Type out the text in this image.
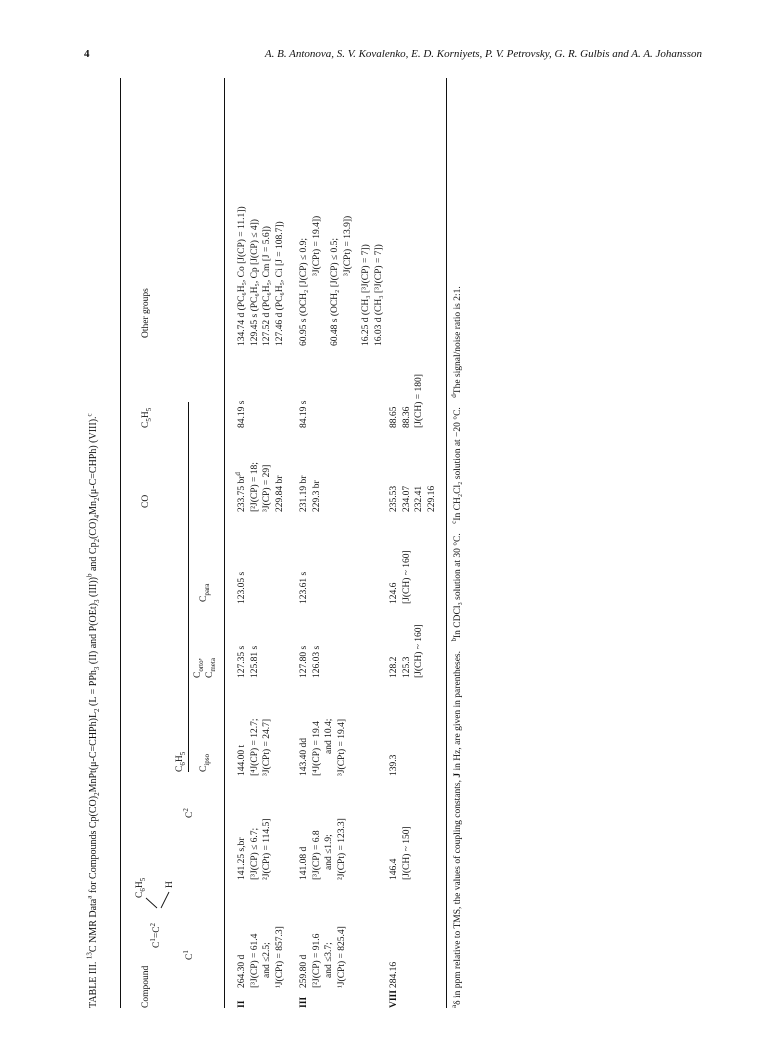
4	A. B. Antonova, S. V. Kovalenko, E. D. Korniyets, P. V. Petrovsky, G. R. Gulbis and A. A. Johansson
TABLE III. $^{13}$C NMR Data$^a$ for Compounds $Cp(CO)_2MnPt(\mu-C=CHPh)L_2$ (L = PPh$_3$ (II) and $P(OEt)_3$ (III))$^b$ and $Cp_2(CO)_4Mn_2(\mu-C=CHPh)$ (VIII).$^c$
Compound
$C^1=C^2$
$C_6H_5$
H
$C^1$
$C^2$
$C_6H_5$
$C_{ipso}$
$C_{orto}$,
$C_{meta}$
$C_{para}$
CO
$C_5H_5$
Other groups
II
264.30 d [³J(CP) = 61.4 and ≤2.5; ¹J(CPt) = 857.3]
141.25 s,br [³J(CP) ≤ 6.7; ²J(CPt) = 114.5]
144.00 t [⁴J(CP) = 12.7; ³J(CPt) = 24.7]
127.35 s 125.81 s
123.05 s
233.75 $br^d$ [²J(CP) = 18; ³J(CP) = 29] 229.84 br
84.19 s
134.74 d (PC₆H₅, Co [J(CP) = 11.1]) 129.45 s (PC₆H₅, Cp [J(CP) ≤ 4]) 127.52 d (PC₆H₅, Cm [J = 5.6]) 127.46 d (PC₆H₅, Ci [J = 108.7])
III
259.80 d [²J(CP) = 91.6 and ≤3.7; ¹J(CPt) = 825.4]
141.08 d [³J(CP) = 6.8 and ≤1.9; ²J(CPt) = 123.3]
143.40 dd [⁴J(CP) = 19.4 and 10.4; ³J(CPt) = 19.4]
127.80 s 126.03 s
123.61 s
231.19 br 229.3 br
84.19 s
60.95 s (OCH₂ [J(CP) ≤ 0.9; ³J(CPt) = 19.4]) 60.48 s (OCH₂ [J(CP) ≤ 0.5; ³J(CPt) = 13.9]) 16.25 d (CH₃ [³J(CP) = 7]) 16.03 d (CH₃ [³J(CP) = 7])
VIII
284.16
146.4 [J(CH) ~ 150]
139.3
128.2 125.3 [J(CH) ~ 160]
124.6 [J(CH) ~ 160]
235.53 234.07 232.41 229.16
88.65 88.36 [J(CH) = 180]
$^a$δ in ppm relative to TMS, the values of coupling constants, J in Hz, are given in parentheses.    $^b$In CDCl₃ solution at 30 °C.    $^c$In CH₂Cl₂ solution at −20 °C.    $^d$The signal/noise ratio is 2:1.
